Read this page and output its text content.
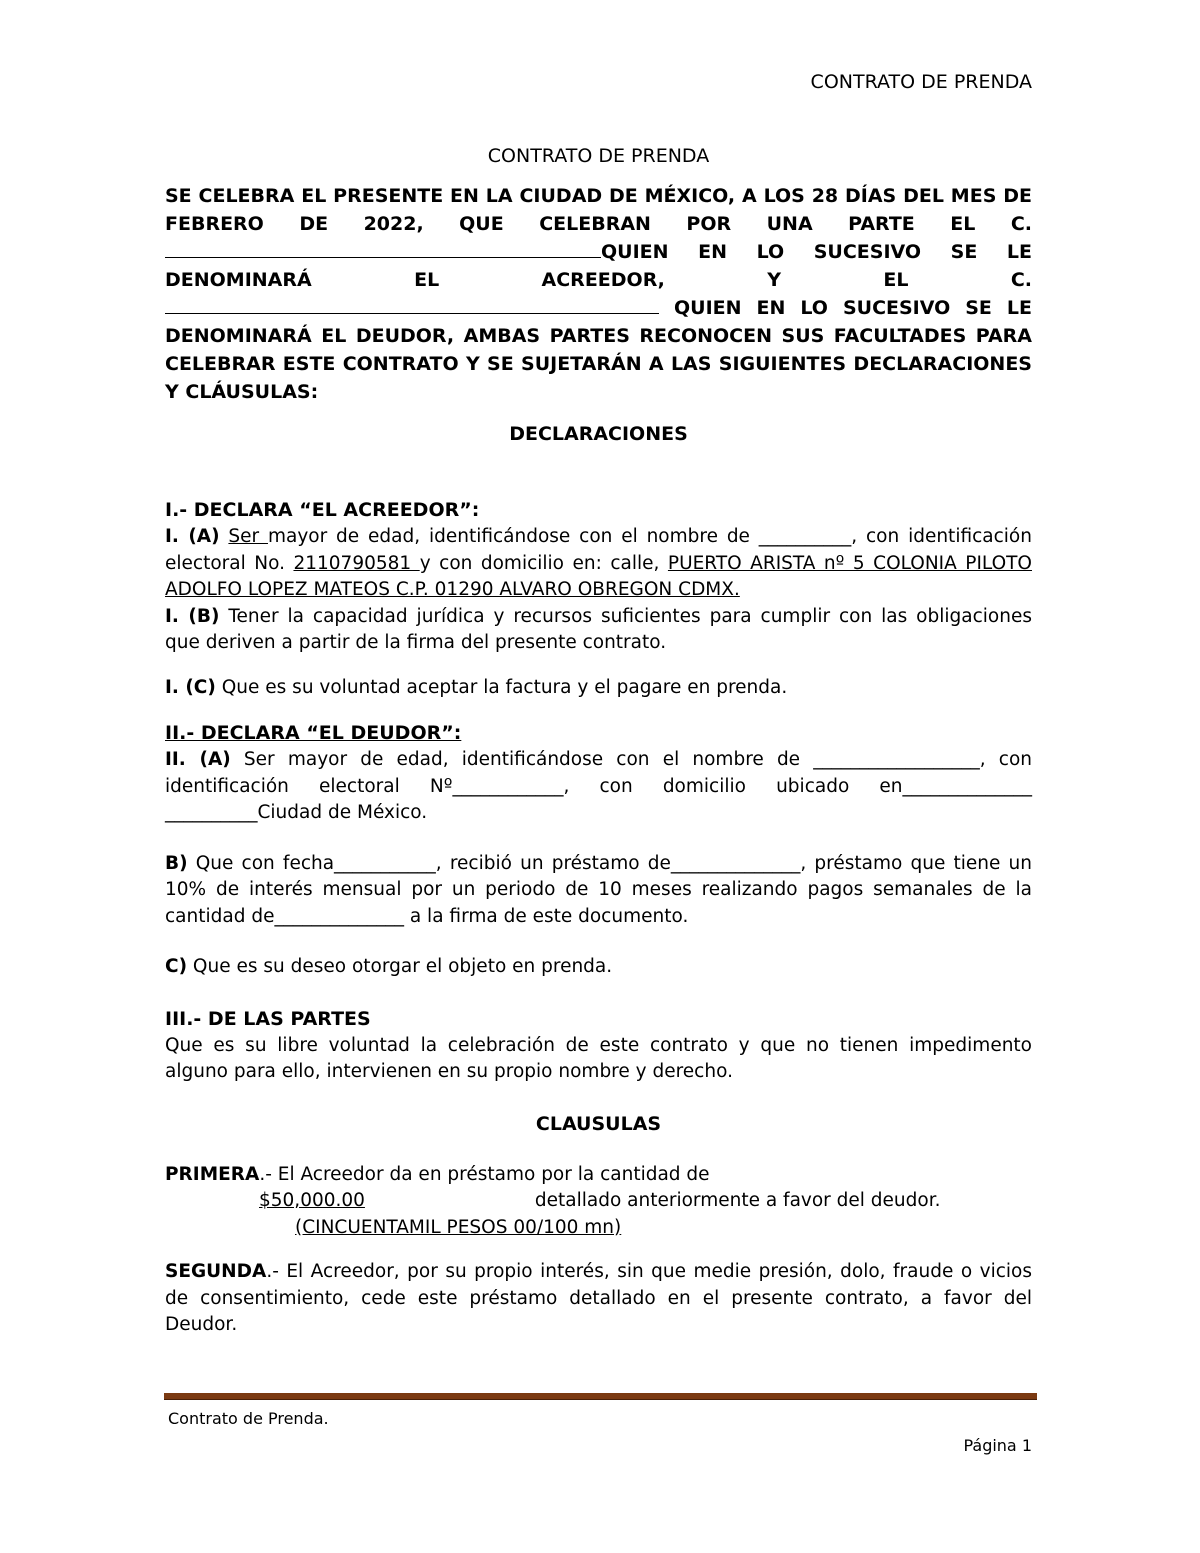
CONTRATO DE PRENDA

CONTRATO DE PRENDA

SE CELEBRA EL PRESENTE EN LA CIUDAD DE MÉXICO, A LOS 28 DÍAS DEL MES DE FEBRERO DE 2022, QUE CELEBRAN POR UNA PARTE EL C. QUIEN EN LO SUCESIVO SE LE DENOMINARÁ EL ACREEDOR, Y EL C. QUIEN EN LO SUCESIVO SE LE DENOMINARÁ EL DEUDOR, AMBAS PARTES RECONOCEN SUS FACULTADES PARA CELEBRAR ESTE CONTRATO Y SE SUJETARÁN A LAS SIGUIENTES DECLARACIONES Y CLÁUSULAS:

DECLARACIONES

I.- DECLARA “EL ACREEDOR”:

I. (A) Ser mayor de edad, identificándose con el nombre de __________, con identificación electoral No. 2110790581 y con domicilio en: calle, PUERTO ARISTA nº 5 COLONIA PILOTO ADOLFO LOPEZ MATEOS C.P. 01290 ALVARO OBREGON CDMX.

I. (B) Tener la capacidad jurídica y recursos suficientes para cumplir con las obligaciones que deriven a partir de la firma del presente contrato.

I. (C) Que es su voluntad aceptar la factura y el pagare en prenda.

II.- DECLARA “EL DEUDOR”:

II. (A) Ser mayor de edad, identificándose con el nombre de __________________, con identificación electoral Nº____________, con domicilio ubicado en______________ __________Ciudad de México.

B) Que con fecha___________, recibió un préstamo de______________, préstamo que tiene un 10% de interés mensual por un periodo de 10 meses realizando pagos semanales de la cantidad de______________ a la firma de este documento.

C) Que es su deseo otorgar el objeto en prenda.

III.- DE LAS PARTES

Que es su libre voluntad la celebración de este contrato y que no tienen impedimento alguno para ello, intervienen en su propio nombre y derecho.

CLAUSULAS

PRIMERA.- El Acreedor da en préstamo por la cantidad de

$50,000.00	detallado anteriormente a favor del deudor.

(CINCUENTAMIL PESOS 00/100 mn)

SEGUNDA.- El Acreedor, por su propio interés, sin que medie presión, dolo, fraude o vicios de consentimiento, cede este préstamo detallado en el presente contrato, a favor del Deudor.

Contrato de Prenda.
Página 1
